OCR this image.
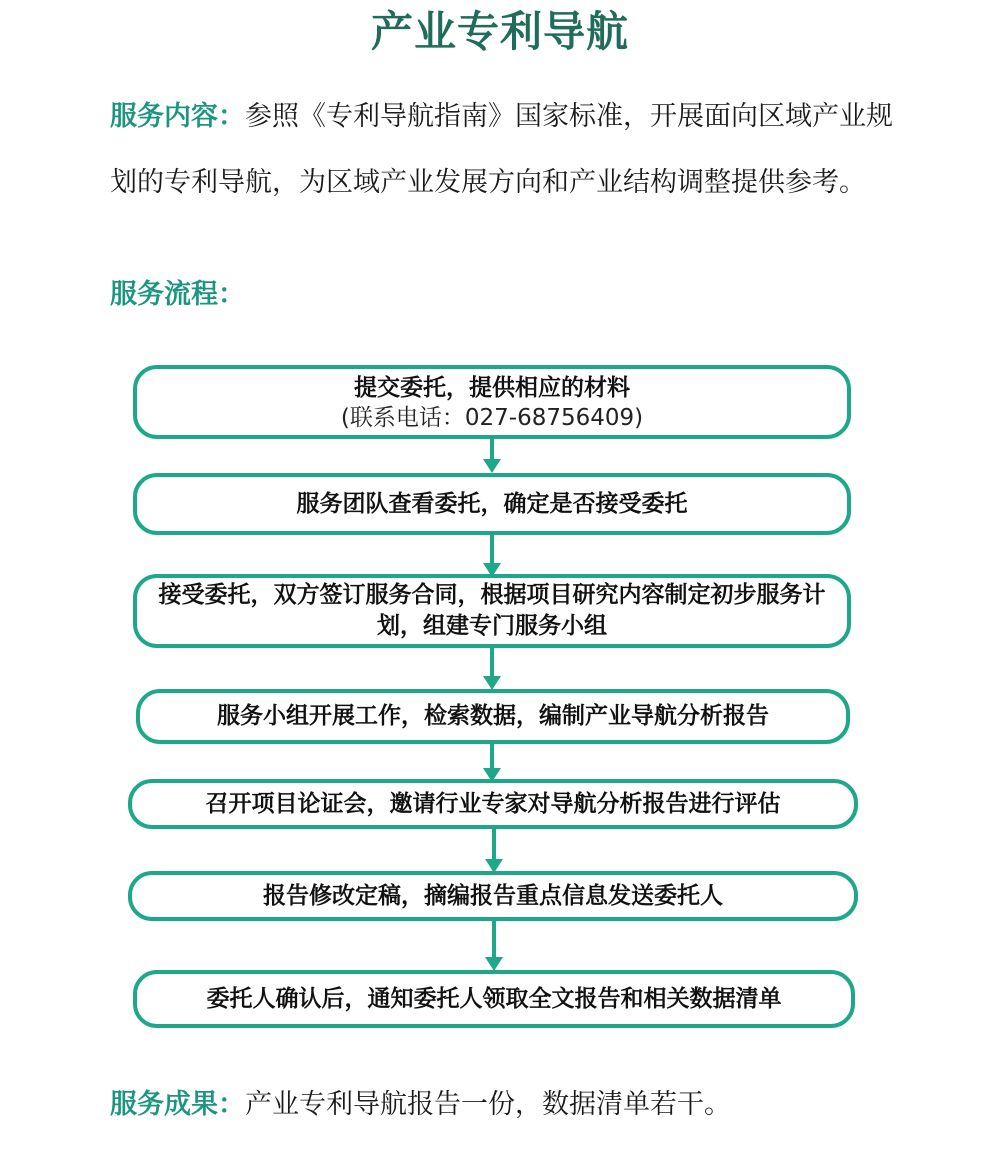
产业专利导航
服务内容：参照《专利导航指南》国家标准，开展面向区域产业规划的专利导航，为区域产业发展方向和产业结构调整提供参考。
服务流程：
提交委托，提供相应的材料
(联系电话：027-68756409)
服务团队查看委托，确定是否接受委托
接受委托，双方签订服务合同，根据项目研究内容制定初步服务计划，组建专门服务小组
服务小组开展工作，检索数据，编制产业导航分析报告
召开项目论证会，邀请行业专家对导航分析报告进行评估
报告修改定稿，摘编报告重点信息发送委托人
委托人确认后，通知委托人领取全文报告和相关数据清单
服务成果：产业专利导航报告一份，数据清单若干。
